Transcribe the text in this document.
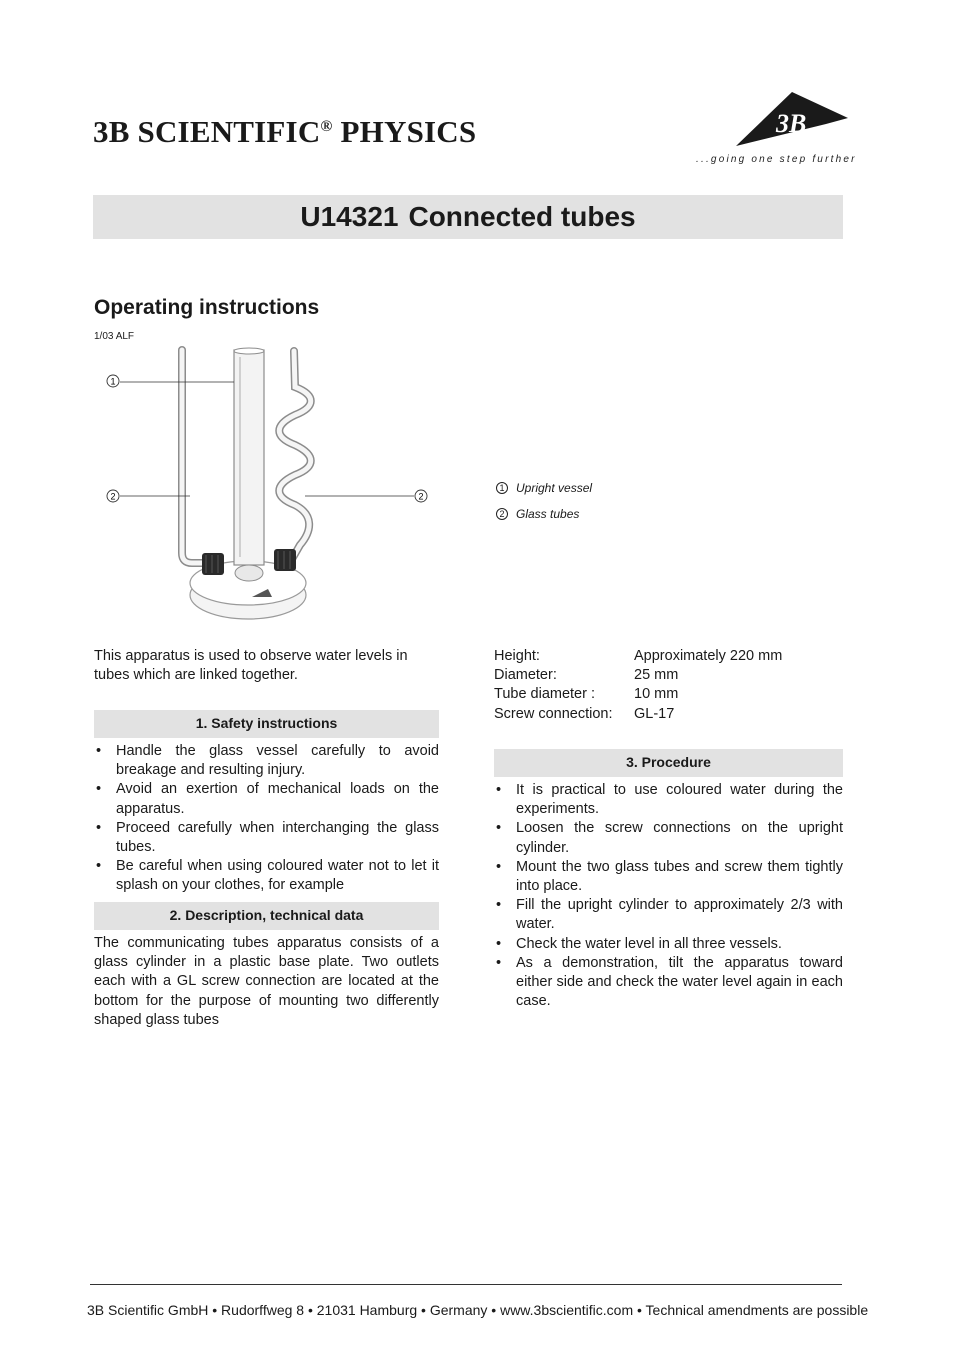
3B SCIENTIFIC® PHYSICS	3B
...going one step further
U14321 Connected tubes
Operating instructions
1/03 ALF
1
2	2
1 Upright vessel
2 Glass tubes

This apparatus is used to observe water levels in tubes which are linked together.

1. Safety instructions
• Handle the glass vessel carefully to avoid breakage and resulting injury.
• Avoid an exertion of mechanical loads on the apparatus.
• Proceed carefully when interchanging the glass tubes.
• Be careful when using coloured water not to let it splash on your clothes, for example
2. Description, technical data

The communicating tubes apparatus consists of a glass cylinder in a plastic base plate. Two outlets each with a GL screw connection are located at the bottom for the purpose of mounting two differently shaped glass tubes

Height:	Approximately 220 mm
Diameter:	25 mm
Tube diameter :	10 mm
Screw connection:	GL-17
3. Procedure
• It is practical to use coloured water during the experiments.
• Loosen the screw connections on the upright cylinder.
• Mount the two glass tubes and screw them tightly into place.
• Fill the upright cylinder to approximately 2/3 with water.
• Check the water level in all three vessels.
• As a demonstration, tilt the apparatus toward either side and check the water level again in each case.
3B Scientific GmbH • Rudorffweg 8 • 21031 Hamburg • Germany • www.3bscientific.com • Technical amendments are possible
